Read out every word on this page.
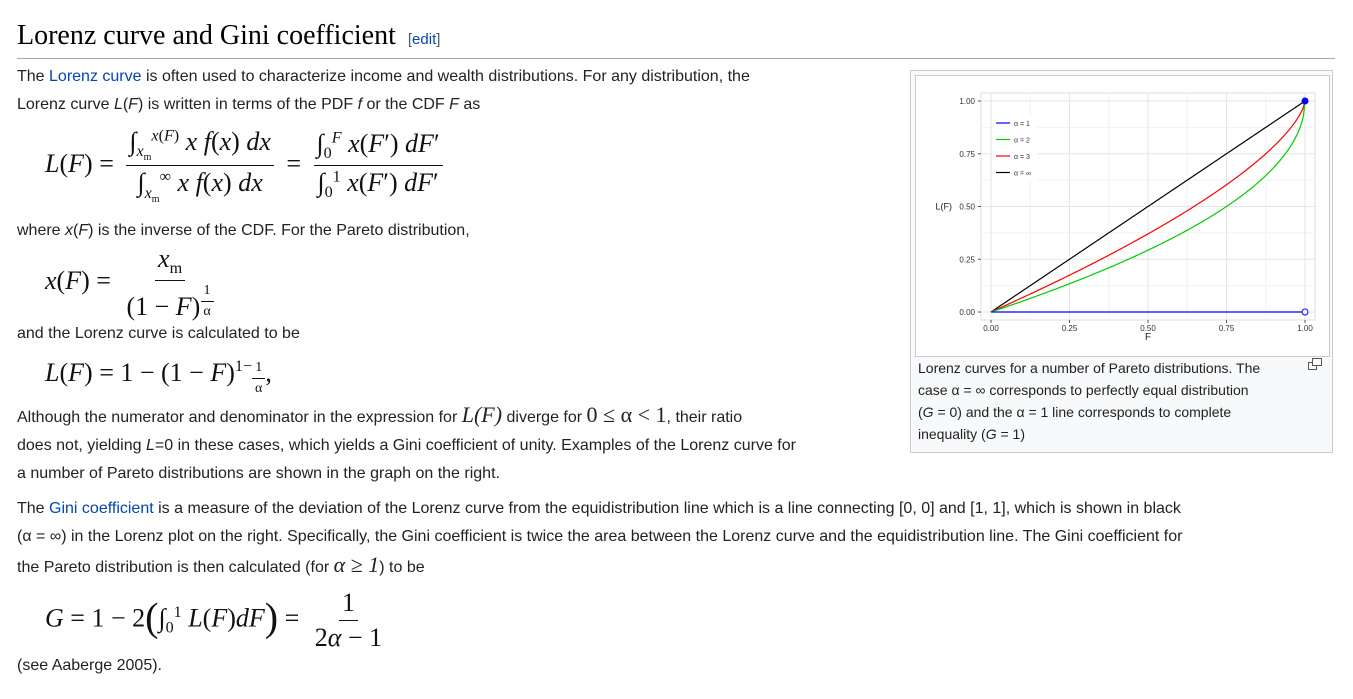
Lorenz curve and Gini coefficient [edit]
The Lorenz curve is often used to characterize income and wealth distributions. For any distribution, the
Lorenz curve L(F) is written in terms of the PDF f or the CDF F as
$L(F) = \frac{\int_{x_m}^{x(F)} x f(x) dx}{\int_{x_m}^\infty x f(x) dx} = \frac{\int_0^F x(F') dF'}{\int_0^1 x(F') dF'}$
where x(F) is the inverse of the CDF. For the Pareto distribution,
$x(F) = x_m$
(1 − F) $^{\frac{1}{\alpha}}$
and the Lorenz curve is calculated to be
$L(F) = 1 - (1 - F)^{1- \frac{1}{\alpha}}$ ,
Although the numerator and denominator in the expression for L(F) diverge for 0 ≤ α < 1, their ratio
does not, yielding L=0 in these cases, which yields a Gini coefficient of unity. Examples of the Lorenz curve for
a number of Pareto distributions are shown in the graph on the right.
The Gini coefficient is a measure of the deviation of the Lorenz curve from the equidistribution line which is a line connecting [0, 0] and [1, 1], which is shown in black
(α = ∞) in the Lorenz plot on the right. Specifically, the Gini coefficient is twice the area between the Lorenz curve and the equidistribution line. The Gini coefficient for
the Pareto distribution is then calculated (for α ≥ 1) to be
$G = 1 - 2(\int_0^1$ $L(F)dF) = \frac{1}{2\alpha - 1}$
(see Aaberge 2005).
0.00
0.00
0.25
0.25
0.50
0.50
0.75
0.75
1.00
1.00
F
L(F)
α = 1
α = 2
α = 3
α = ∞
Lorenz curves for a number of Pareto distributions. The
case α = ∞ corresponds to perfectly equal distribution
(G = 0) and the α = 1 line corresponds to complete
inequality (G = 1)
